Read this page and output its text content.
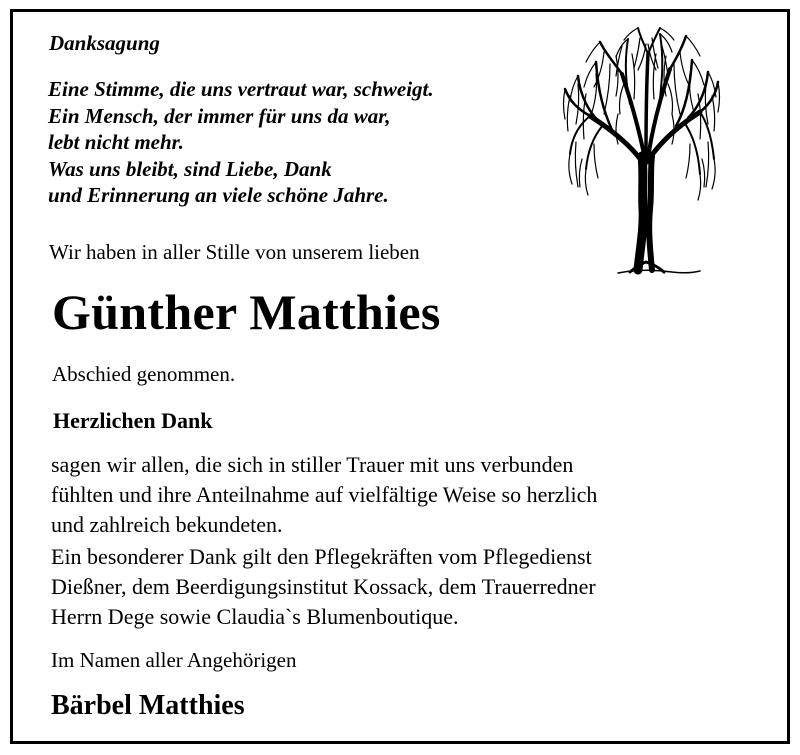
Danksagung
Eine Stimme, die uns vertraut war, schweigt.
Ein Mensch, der immer für uns da war,
lebt nicht mehr.
Was uns bleibt, sind Liebe, Dank
und Erinnerung an viele schöne Jahre.

Wir haben in aller Stille von unserem lieben

Günther Matthies

Abschied genommen.

Herzlichen Dank
sagen wir allen, die sich in stiller Trauer mit uns verbunden
fühlten und ihre Anteilnahme auf vielfältige Weise so herzlich
und zahlreich bekundeten.
Ein besonderer Dank gilt den Pflegekräften vom Pflegedienst
Dießner, dem Beerdigungsinstitut Kossack, dem Trauerredner
Herrn Dege sowie Claudia`s Blumenboutique.

Im Namen aller Angehörigen

Bärbel Matthies
